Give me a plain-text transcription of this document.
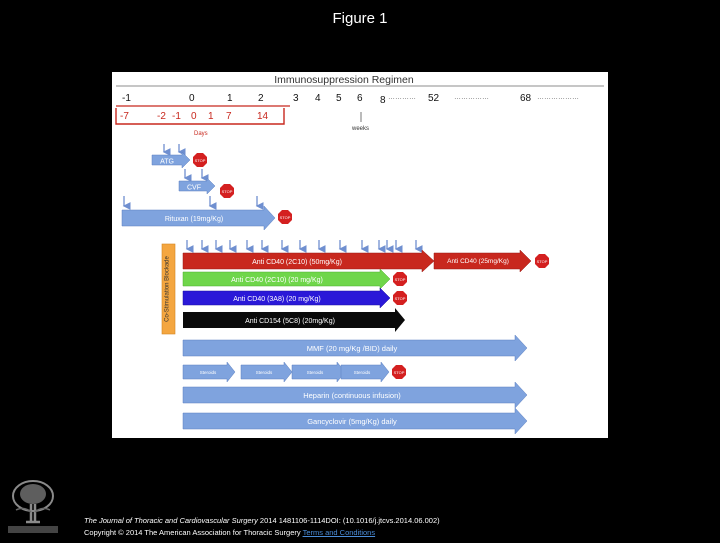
Figure 1
Immunosuppression Regimen
-1	0	1	2	3 4 5 6 8 ………… 52 ……………	68 ………………
-7	-2 -1 0 1 7	14
Days
weeks
Co-Stimulation Blockade
ATG	STOP
CVF	STOP
Rituxan (19mg/Kg)	STOP
Anti CD40 (2C10) (50mg/Kg)	Anti CD40 (25mg/Kg)	STOP
Anti CD40 (2C10) (20 mg/Kg)	STOP
Anti CD40 (3A8) (20 mg/Kg)	STOP
Anti CD154 (5C8) (20mg/Kg)
MMF (20 mg/Kg /BID) daily
Steroids	Steroids	Steroids	Steroids	STOP
Heparin (continuous infusion)
Gancyclovir (5mg/Kg) daily
The Journal of Thoracic and Cardiovascular Surgery 2014 1481106-1114DOI: (10.1016/j.jtcvs.2014.06.002)
Copyright © 2014 The American Association for Thoracic Surgery Terms and Conditions
